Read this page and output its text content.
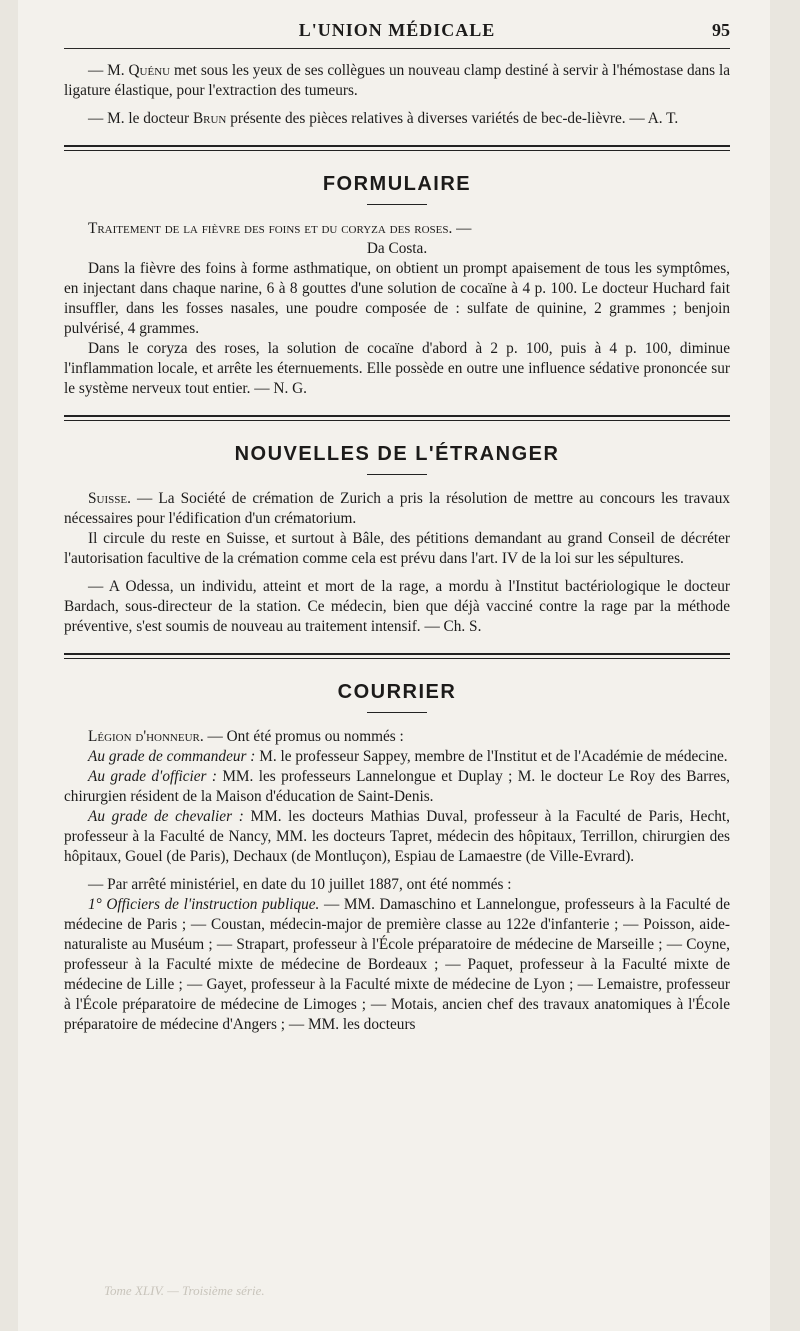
L'UNION MÉDICALE	95

— M. Quénu met sous les yeux de ses collègues un nouveau clamp destiné à servir à l'hémostase dans la ligature élastique, pour l'extraction des tumeurs.

— M. le docteur Brun présente des pièces relatives à diverses variétés de bec-de-lièvre. — A. T.

FORMULAIRE

Traitement de la fièvre des foins et du coryza des roses. —

Da Costa.

Dans la fièvre des foins à forme asthmatique, on obtient un prompt apaisement de tous les symptômes, en injectant dans chaque narine, 6 à 8 gouttes d'une solution de cocaïne à 4 p. 100. Le docteur Huchard fait insuffler, dans les fosses nasales, une poudre composée de : sulfate de quinine, 2 grammes ; benjoin pulvérisé, 4 grammes.

Dans le coryza des roses, la solution de cocaïne d'abord à 2 p. 100, puis à 4 p. 100, diminue l'inflammation locale, et arrête les éternuements. Elle possède en outre une influence sédative prononcée sur le système nerveux tout entier. — N. G.

NOUVELLES DE L'ÉTRANGER

Suisse. — La Société de crémation de Zurich a pris la résolution de mettre au concours les travaux nécessaires pour l'édification d'un crématorium.

Il circule du reste en Suisse, et surtout à Bâle, des pétitions demandant au grand Conseil de décréter l'autorisation facultive de la crémation comme cela est prévu dans l'art. IV de la loi sur les sépultures.

— A Odessa, un individu, atteint et mort de la rage, a mordu à l'Institut bactériologique le docteur Bardach, sous-directeur de la station. Ce médecin, bien que déjà vacciné contre la rage par la méthode préventive, s'est soumis de nouveau au traitement intensif. — Ch. S.

COURRIER

Légion d'honneur. — Ont été promus ou nommés :

Au grade de commandeur : M. le professeur Sappey, membre de l'Institut et de l'Académie de médecine.

Au grade d'officier : MM. les professeurs Lannelongue et Duplay ; M. le docteur Le Roy des Barres, chirurgien résident de la Maison d'éducation de Saint-Denis.

Au grade de chevalier : MM. les docteurs Mathias Duval, professeur à la Faculté de Paris, Hecht, professeur à la Faculté de Nancy, MM. les docteurs Tapret, médecin des hôpitaux, Terrillon, chirurgien des hôpitaux, Gouel (de Paris), Dechaux (de Montluçon), Espiau de Lamaestre (de Ville-Evrard).

— Par arrêté ministériel, en date du 10 juillet 1887, ont été nommés :

1° Officiers de l'instruction publique. — MM. Damaschino et Lannelongue, professeurs à la Faculté de médecine de Paris ; — Coustan, médecin-major de première classe au 122e d'infanterie ; — Poisson, aide-naturaliste au Muséum ; — Strapart, professeur à l'École préparatoire de médecine de Marseille ; — Coyne, professeur à la Faculté mixte de médecine de Bordeaux ; — Paquet, professeur à la Faculté mixte de médecine de Lille ; — Gayet, professeur à la Faculté mixte de médecine de Lyon ; — Lemaistre, professeur à l'École préparatoire de médecine de Limoges ; — Motais, ancien chef des travaux anatomiques à l'École préparatoire de médecine d'Angers ; — MM. les docteurs

Tome XLIV. — Troisième série.
